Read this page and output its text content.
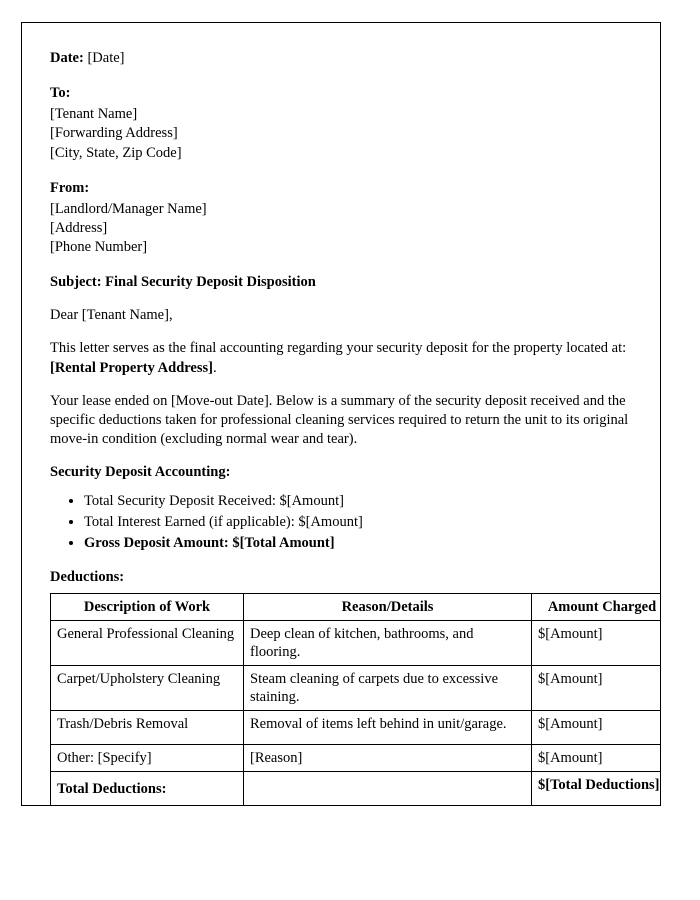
Date: [Date]

To:

[Tenant Name]

[Forwarding Address]

[City, State, Zip Code]

From:

[Landlord/Manager Name]

[Address]

[Phone Number]

Subject: Final Security Deposit Disposition

Dear [Tenant Name],

This letter serves as the final accounting regarding your security deposit for the property located at: [Rental Property Address].

Your lease ended on [Move-out Date]. Below is a summary of the security deposit received and the specific deductions taken for professional cleaning services required to return the unit to its original move-in condition (excluding normal wear and tear).

Security Deposit Accounting:

• Total Security Deposit Received: $[Amount]
• Total Interest Earned (if applicable): $[Amount]
• Gross Deposit Amount: $[Total Amount]

Deductions:

Description of Work	Reason/Details	Amount Charged
General Professional Cleaning	Deep clean of kitchen, bathrooms, and flooring.	$[Amount]
Carpet/Upholstery Cleaning	Steam cleaning of carpets due to excessive staining.	$[Amount]
Trash/Debris Removal	Removal of items left behind in unit/garage.	$[Amount]
Other: [Specify]	[Reason]	$[Amount]
Total Deductions:		$[Total Deductions]
